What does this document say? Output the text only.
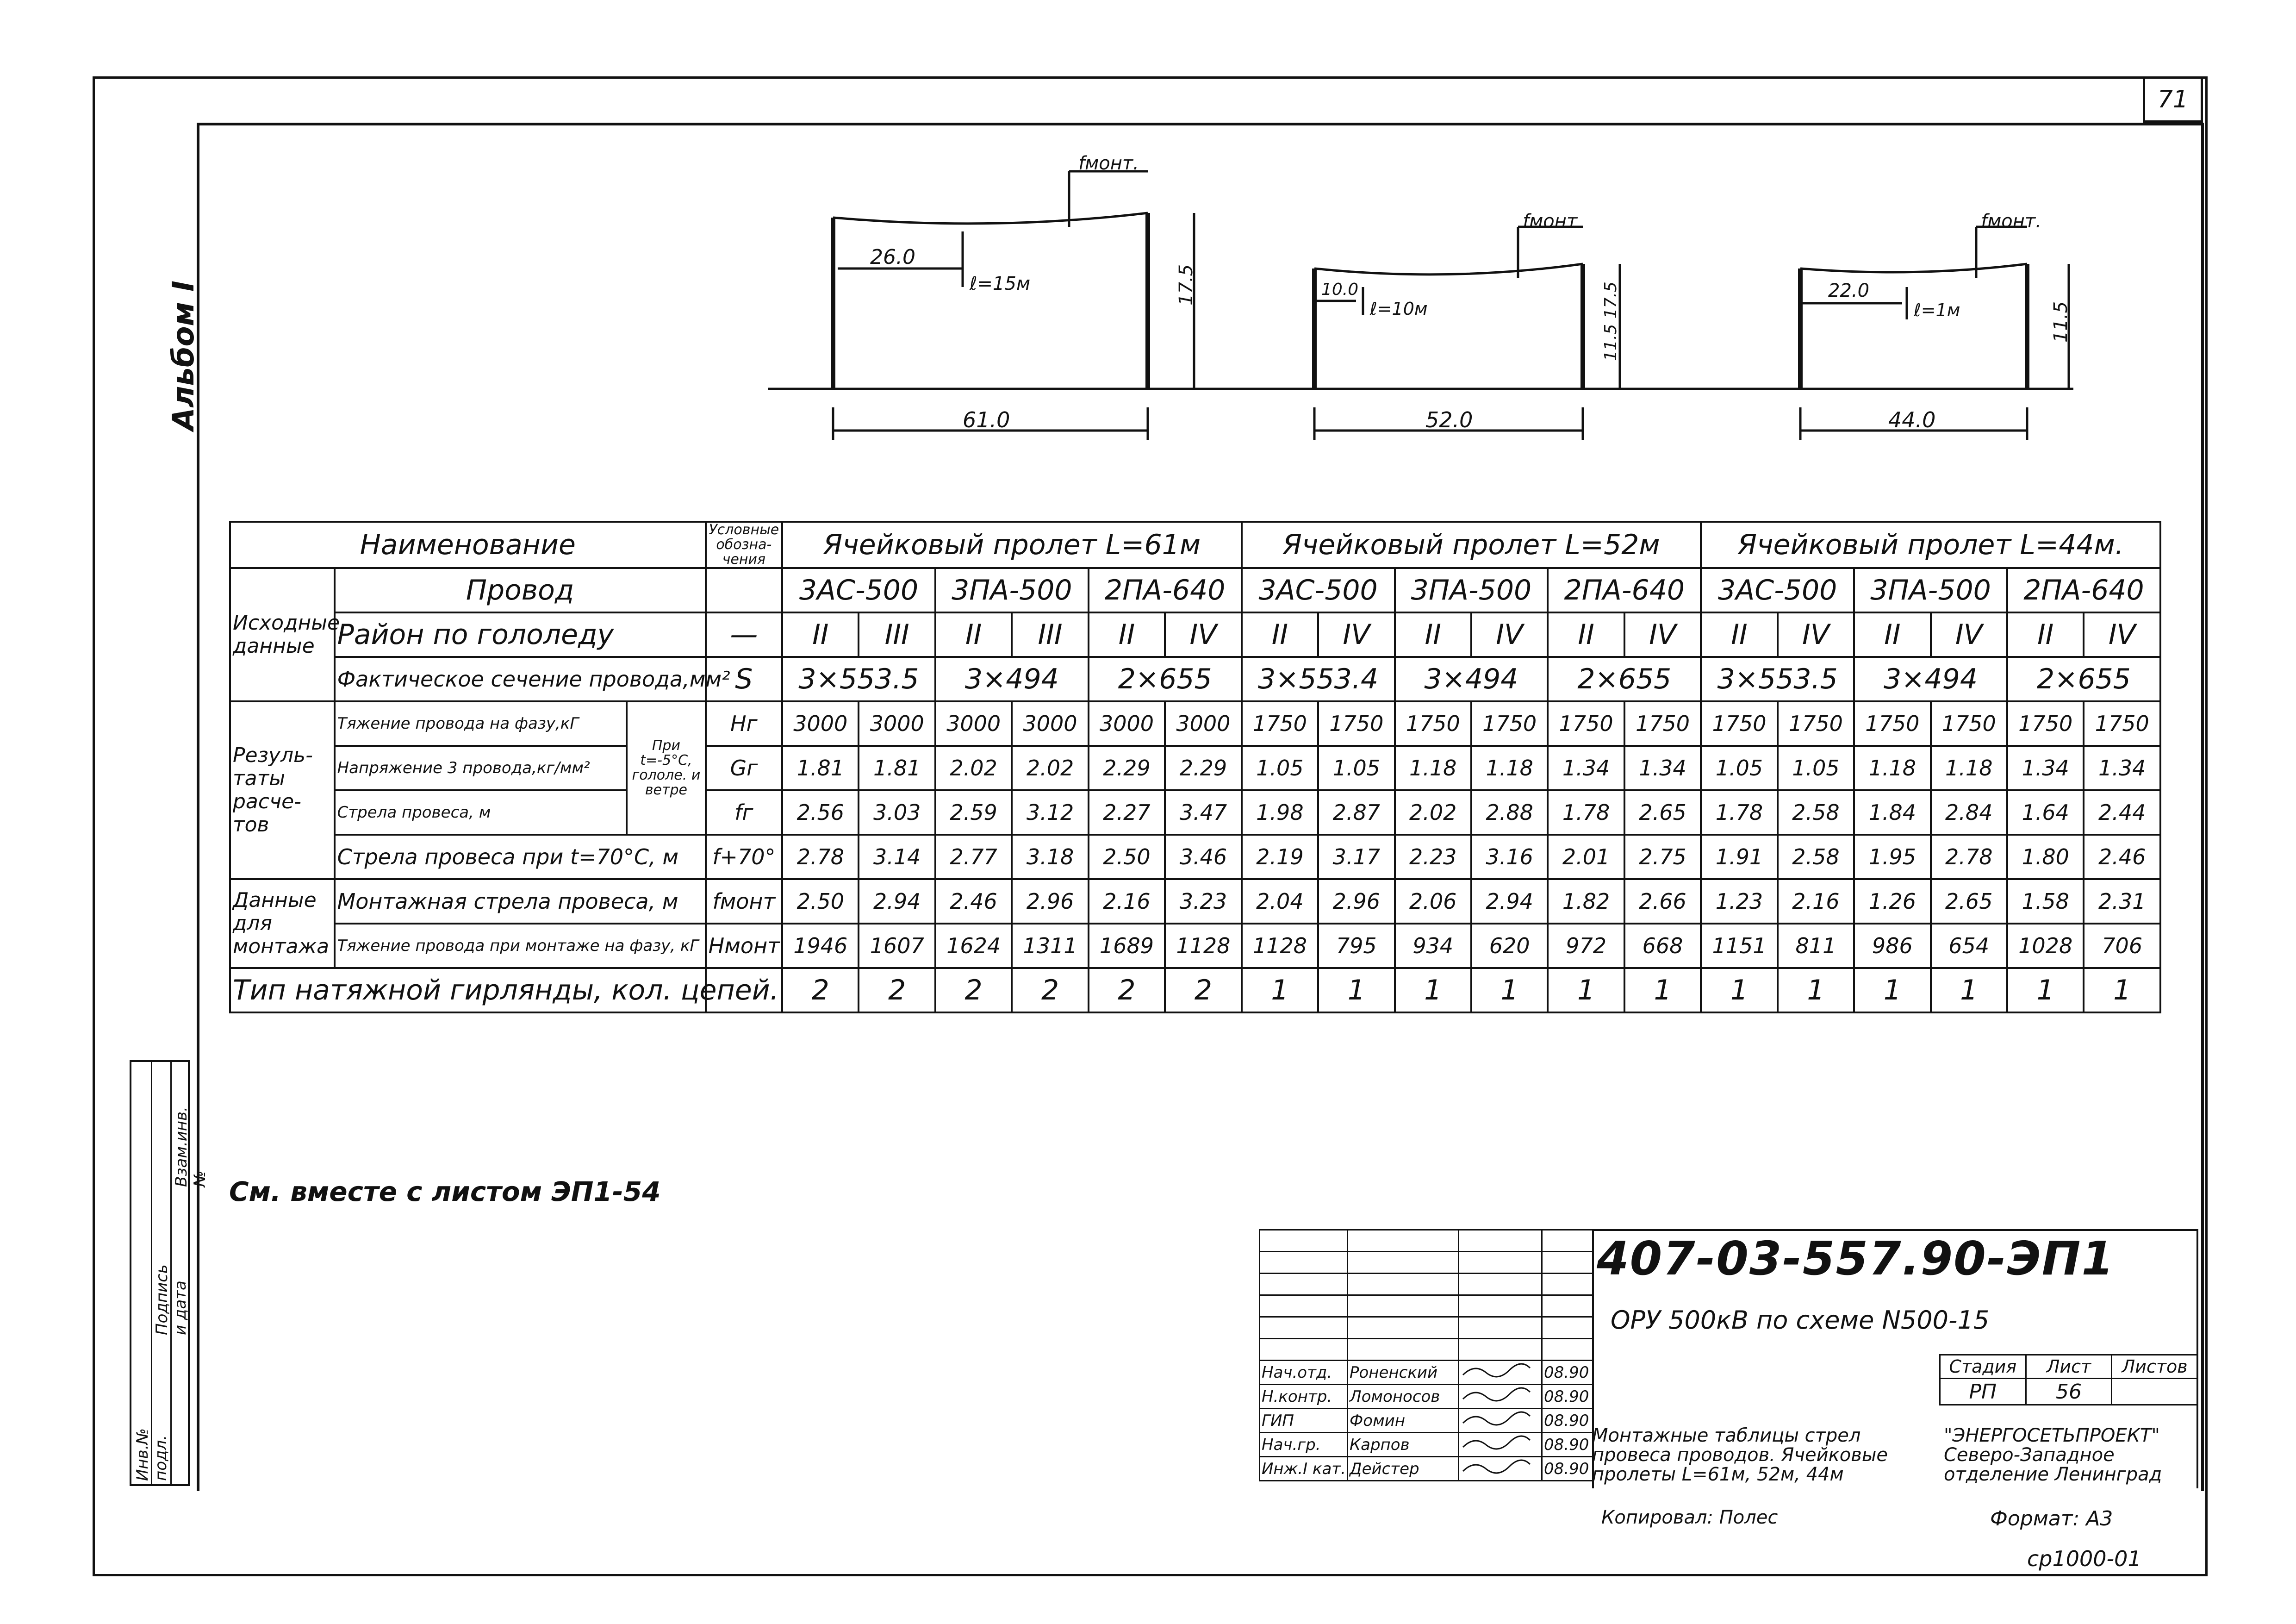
71
Альбом I
Инв.№ подл.
Подпись и дата
Взам.инв.№
fмонт.
61.0
26.0
ℓ=15м	17.5
fмонт
52.0
10.0
ℓ=10м	11.5 17.5
fмонт.
44.0
22.0
ℓ=1м	11.5
Наименование			Условные обозна-чения	Ячейковый пролет L=61м						Ячейковый пролет L=52м						Ячейковый пролет L=44м.					
Исходные данные	Провод			3АС-500		3ПА-500		2ПА-640		3АС-500		3ПА-500		2ПА-640		3АС-500		3ПА-500		2ПА-640	
	Район по гололеду		—	II	III	II	III	II	IV	II	IV	II	IV	II	IV	II	IV	II	IV	II	IV
	Фактическое сечение провода,мм²		S	3×553.5		3×494		2×655		3×553.4		3×494		2×655		3×553.5		3×494		2×655	
Резуль-таты расче-тов	Тяжение провода на фазу,кГ	При t=-5°С, гололе. и ветре	Hг	3000	3000	3000	3000	3000	3000	1750	1750	1750	1750	1750	1750	1750	1750	1750	1750	1750	1750
	Напряжение 3 провода,кг/мм²		Gг	1.81	1.81	2.02	2.02	2.29	2.29	1.05	1.05	1.18	1.18	1.34	1.34	1.05	1.05	1.18	1.18	1.34	1.34
	Стрела провеса, м		fг	2.56	3.03	2.59	3.12	2.27	3.47	1.98	2.87	2.02	2.88	1.78	2.65	1.78	2.58	1.84	2.84	1.64	2.44
	Стрела провеса при t=70°С, м		f+70°	2.78	3.14	2.77	3.18	2.50	3.46	2.19	3.17	2.23	3.16	2.01	2.75	1.91	2.58	1.95	2.78	1.80	2.46
Данные для монтажа	Монтажная стрела провеса, м		fмонт	2.50	2.94	2.46	2.96	2.16	3.23	2.04	2.96	2.06	2.94	1.82	2.66	1.23	2.16	1.26	2.65	1.58	2.31
	Тяжение провода при монтаже на фазу, кГ		Hмонт	1946	1607	1624	1311	1689	1128	1128	795	934	620	972	668	1151	811	986	654	1028	706
Тип натяжной гирлянды, кол. цепей.				2	2	2	2	2	2	1	1	1	1	1	1	1	1	1	1	1	1
См. вместе с листом ЭП1-54

Нач.отд.	Роненский		08.90
Н.контр.	Ломоносов		08.90
ГИП	Фомин		08.90
Нач.гр.	Карпов		08.90
Инж.I кат.	Дейстер		08.90
407-03-557.90-ЭП1
ОРУ 500кВ по схеме N500-15
Стадия	Лист	Листов
РП	56	
Монтажные таблицы стрел провеса проводов. Ячейковые пролеты L=61м, 52м, 44м
"ЭНЕРГОСЕТЬПРОЕКТ" Северо-Западное отделение Ленинград
Копировал: Полес	Формат: А3
ср1000-01
